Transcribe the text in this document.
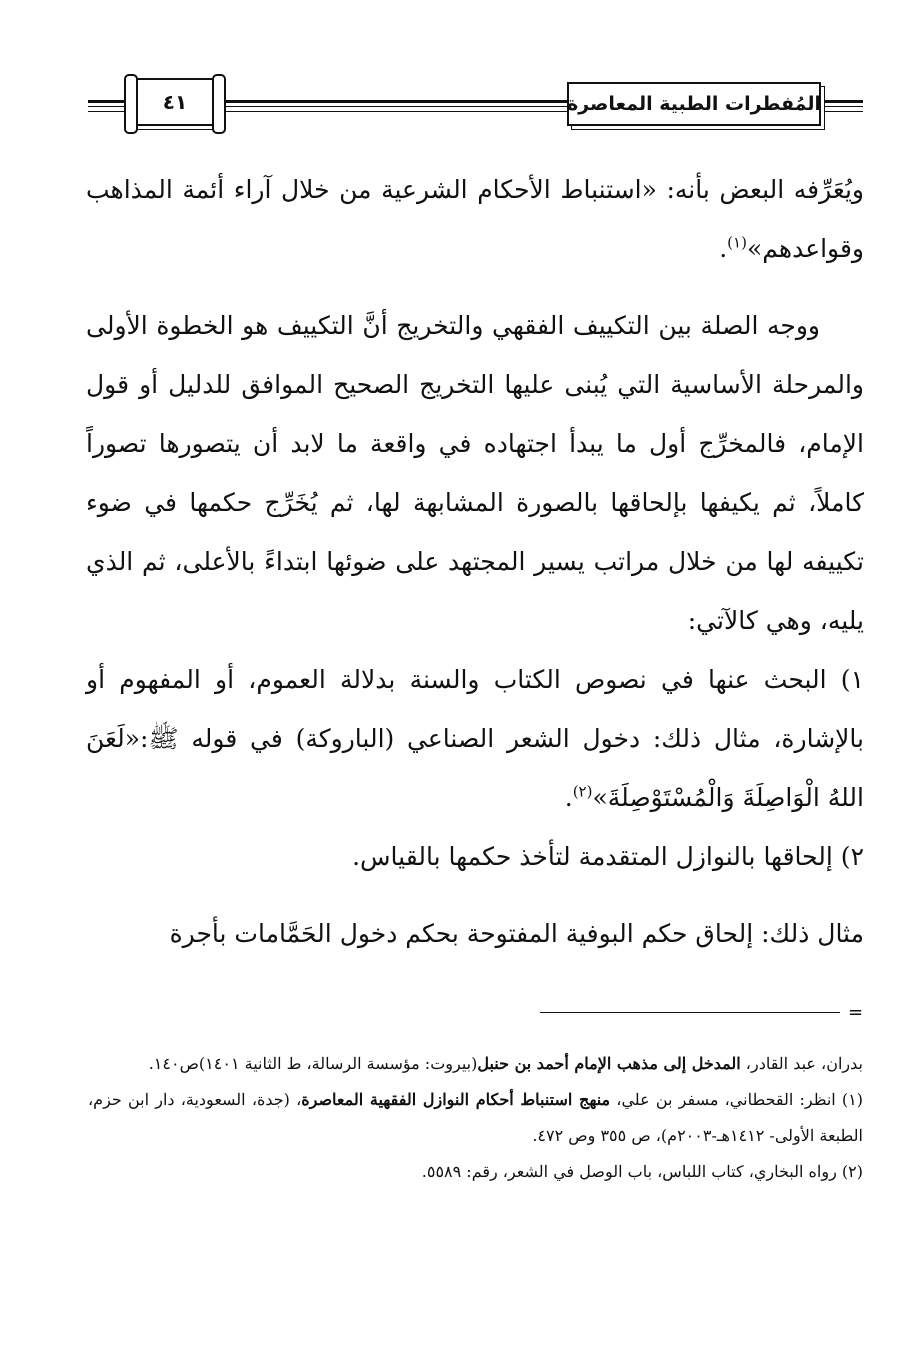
٤١	المُفطرات الطبية المعاصرة

ويُعَرِّفه البعض بأنه: «استنباط الأحكام الشرعية من خلال آراء أئمة المذاهب وقواعدهم»$^{(١)}$.

ووجه الصلة بين التكييف الفقهي والتخريج أنَّ التكييف هو الخطوة الأولى والمرحلة الأساسية التي يُبنى عليها التخريج الصحيح الموافق للدليل أو قول الإمام، فالمخرِّج أول ما يبدأ اجتهاده في واقعة ما لابد أن يتصورها تصوراً كاملاً، ثم يكيفها بإلحاقها بالصورة المشابهة لها، ثم يُخَرِّج حكمها في ضوء تكييفه لها من خلال مراتب يسير المجتهد على ضوئها ابتداءً بالأعلى، ثم الذي يليه، وهي كالآتي:

١) البحث عنها في نصوص الكتاب والسنة بدلالة العموم، أو المفهوم أو بالإشارة، مثال ذلك: دخول الشعر الصناعي (الباروكة) في قوله ﷺ:«لَعَنَ اللهُ الْوَاصِلَةَ وَالْمُسْتَوْصِلَةَ»$^{(٢)}$.

٢) إلحاقها بالنوازل المتقدمة لتأخذ حكمها بالقياس.

مثال ذلك: إلحاق حكم البوفية المفتوحة بحكم دخول الحَمَّامات بأجرة

=

بدران، عبد القادر، المدخل إلى مذهب الإمام أحمد بن حنبل(بيروت: مؤسسة الرسالة، ط الثانية ١٤٠١)ص١٤٠.

(١) انظر: القحطاني، مسفر بن علي، منهج استنباط أحكام النوازل الفقهية المعاصرة، (جدة، السعودية، دار ابن حزم، الطبعة الأولى- ١٤١٢هـ-٢٠٠٣م)، ص ٣٥٥ وص ٤٧٢.

(٢) رواه البخاري، كتاب اللباس، باب الوصل في الشعر، رقم: ٥٥٨٩.
